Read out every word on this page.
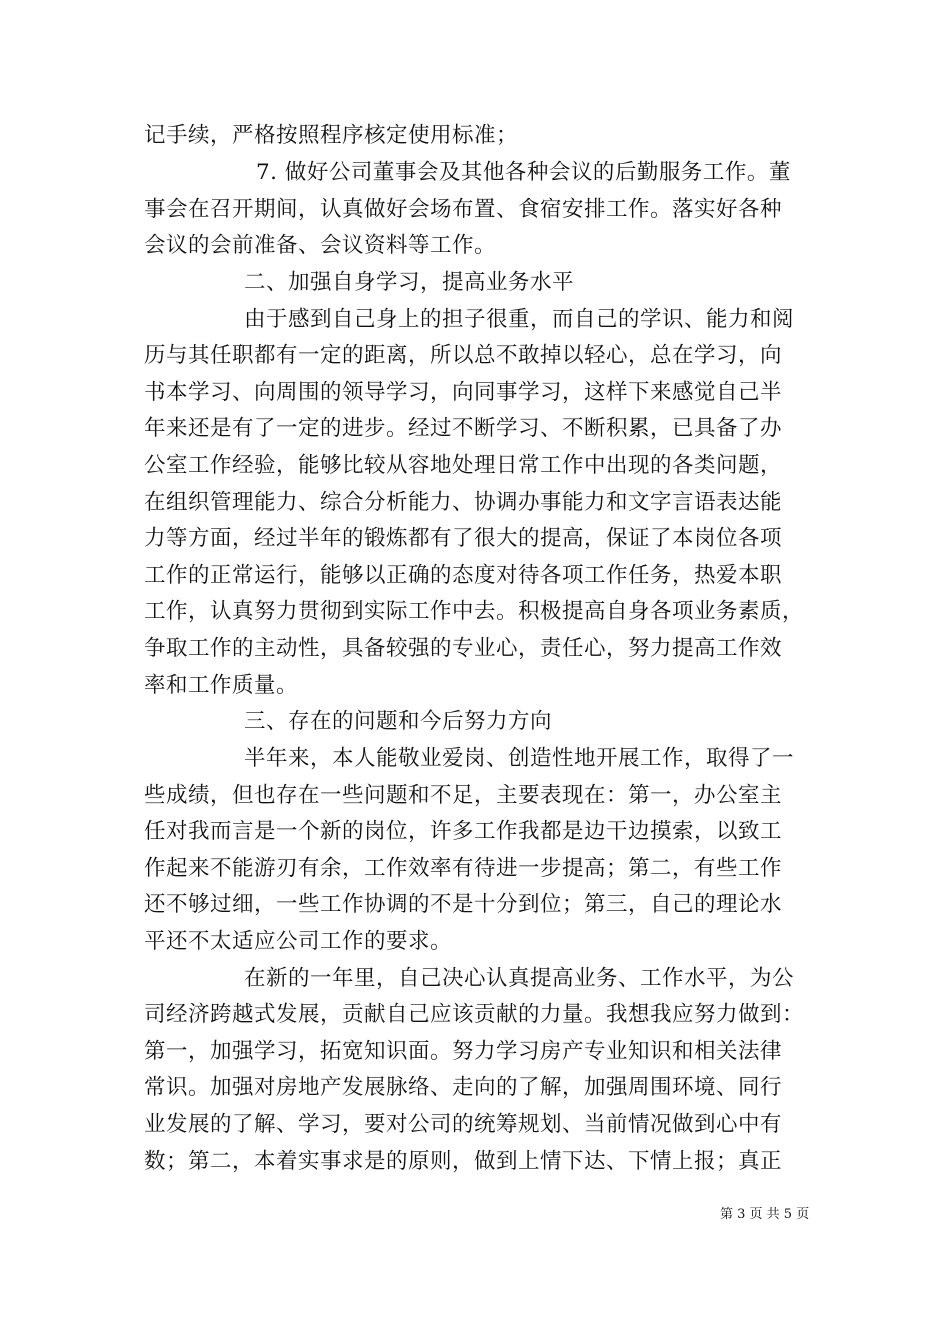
记手续，严格按照程序核定使用标准；
7. 做好公司董事会及其他各种会议的后勤服务工作。董
事会在召开期间，认真做好会场布置、食宿安排工作。落实好各种
会议的会前准备、会议资料等工作。
二、加强自身学习，提高业务水平
由于感到自己身上的担子很重，而自己的学识、能力和阅
历与其任职都有一定的距离，所以总不敢掉以轻心，总在学习，向
书本学习、向周围的领导学习，向同事学习，这样下来感觉自己半
年来还是有了一定的进步。经过不断学习、不断积累，已具备了办
公室工作经验，能够比较从容地处理日常工作中出现的各类问题，
在组织管理能力、综合分析能力、协调办事能力和文字言语表达能
力等方面，经过半年的锻炼都有了很大的提高，保证了本岗位各项
工作的正常运行，能够以正确的态度对待各项工作任务，热爱本职
工作，认真努力贯彻到实际工作中去。积极提高自身各项业务素质，
争取工作的主动性，具备较强的专业心，责任心，努力提高工作效
率和工作质量。
三、存在的问题和今后努力方向
半年来，本人能敬业爱岗、创造性地开展工作，取得了一
些成绩，但也存在一些问题和不足，主要表现在：第一，办公室主
任对我而言是一个新的岗位，许多工作我都是边干边摸索，以致工
作起来不能游刃有余，工作效率有待进一步提高；第二，有些工作
还不够过细，一些工作协调的不是十分到位；第三，自己的理论水
平还不太适应公司工作的要求。
在新的一年里，自己决心认真提高业务、工作水平，为公
司经济跨越式发展，贡献自己应该贡献的力量。我想我应努力做到：
第一，加强学习，拓宽知识面。努力学习房产专业知识和相关法律
常识。加强对房地产发展脉络、走向的了解，加强周围环境、同行
业发展的了解、学习，要对公司的统筹规划、当前情况做到心中有
数；第二，本着实事求是的原则，做到上情下达、下情上报；真正
第 3 页 共 5 页
